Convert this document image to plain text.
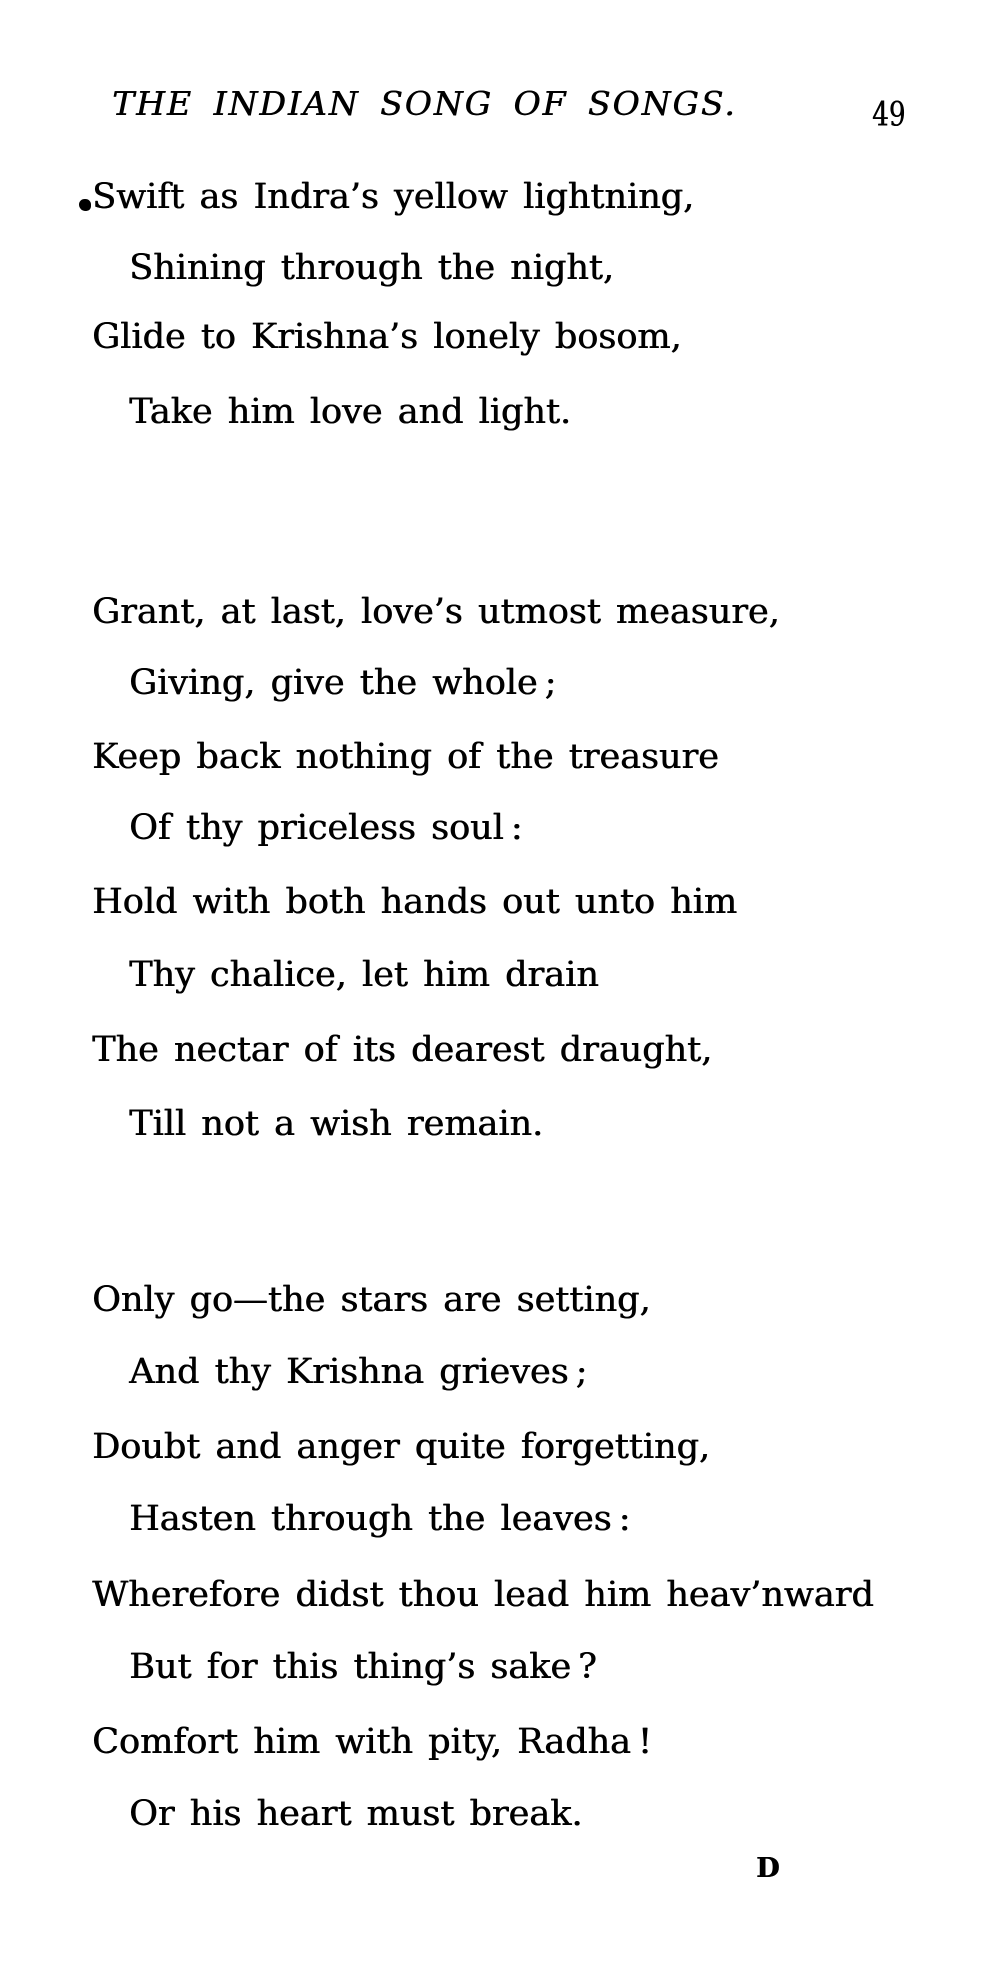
THE INDIAN SONG OF SONGS.	49
Swift as Indra’s yellow lightning,
Shining through the night,
Glide to Krishna’s lonely bosom,
Take him love and light.
Grant, at last, love’s utmost measure,
Giving, give the whole ;
Keep back nothing of the treasure
Of thy priceless soul :
Hold with both hands out unto him
Thy chalice, let him drain
The nectar of its dearest draught,
Till not a wish remain.
Only go—the stars are setting,
And thy Krishna grieves ;
Doubt and anger quite forgetting,
Hasten through the leaves :
Wherefore didst thou lead him heav’nward
But for this thing’s sake ?
Comfort him with pity, Radha !
Or his heart must break.
D
